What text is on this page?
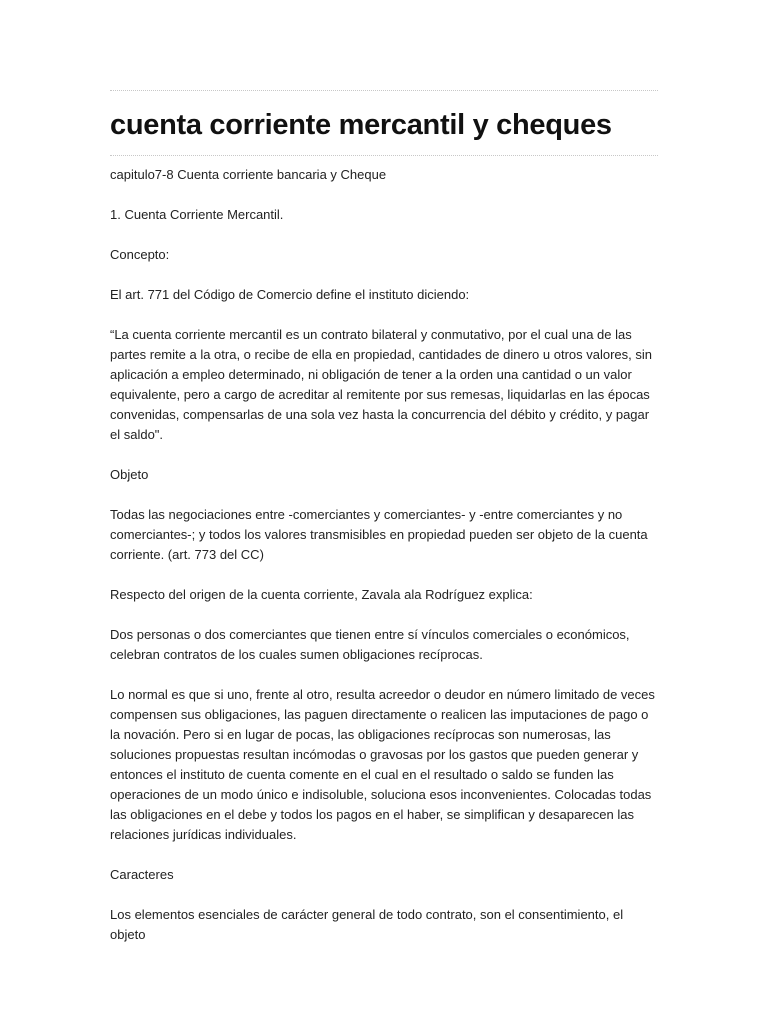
cuenta corriente mercantil y cheques

capitulo7-8 Cuenta corriente bancaria y Cheque

1. Cuenta Corriente Mercantil.

Concepto:

El art. 771 del Código de Comercio define el instituto diciendo:

“La cuenta corriente mercantil es un contrato bilateral y conmutativo, por el cual una de las partes remite a la otra, o recibe de ella en propiedad, cantidades de dinero u otros valores, sin aplicación a empleo determinado, ni obligación de tener a la orden una cantidad o un valor equivalente, pero a cargo de acreditar al remitente por sus remesas, liquidarlas en las épocas convenidas, compensarlas de una sola vez hasta la concurrencia del débito y crédito, y pagar el saldo".

Objeto

Todas las negociaciones entre -comerciantes y comerciantes- y -entre comerciantes y no comerciantes-; y todos los valores transmisibles en propiedad pueden ser objeto de la cuenta corriente. (art. 773 del CC)

Respecto del origen de la cuenta corriente, Zavala ala Rodríguez explica:

Dos personas o dos comerciantes que tienen entre sí vínculos comerciales o económicos, celebran contratos de los cuales sumen obligaciones recíprocas.

Lo normal es que si uno, frente al otro, resulta acreedor o deudor en número limitado de veces compensen sus obligaciones, las paguen directamente o realicen las imputaciones de pago o la novación. Pero si en lugar de pocas, las obligaciones recíprocas son numerosas, las soluciones propuestas resultan incómodas o gravosas por los gastos que pueden generar y entonces el instituto de cuenta comente en el cual en el resultado o saldo se funden las operaciones de un modo único e indisoluble, soluciona esos inconvenientes. Colocadas todas las obligaciones en el debe y todos los pagos en el haber, se simplifican y desaparecen las relaciones jurídicas individuales.

Caracteres

Los elementos esenciales de carácter general de todo contrato, son el consentimiento, el objeto
